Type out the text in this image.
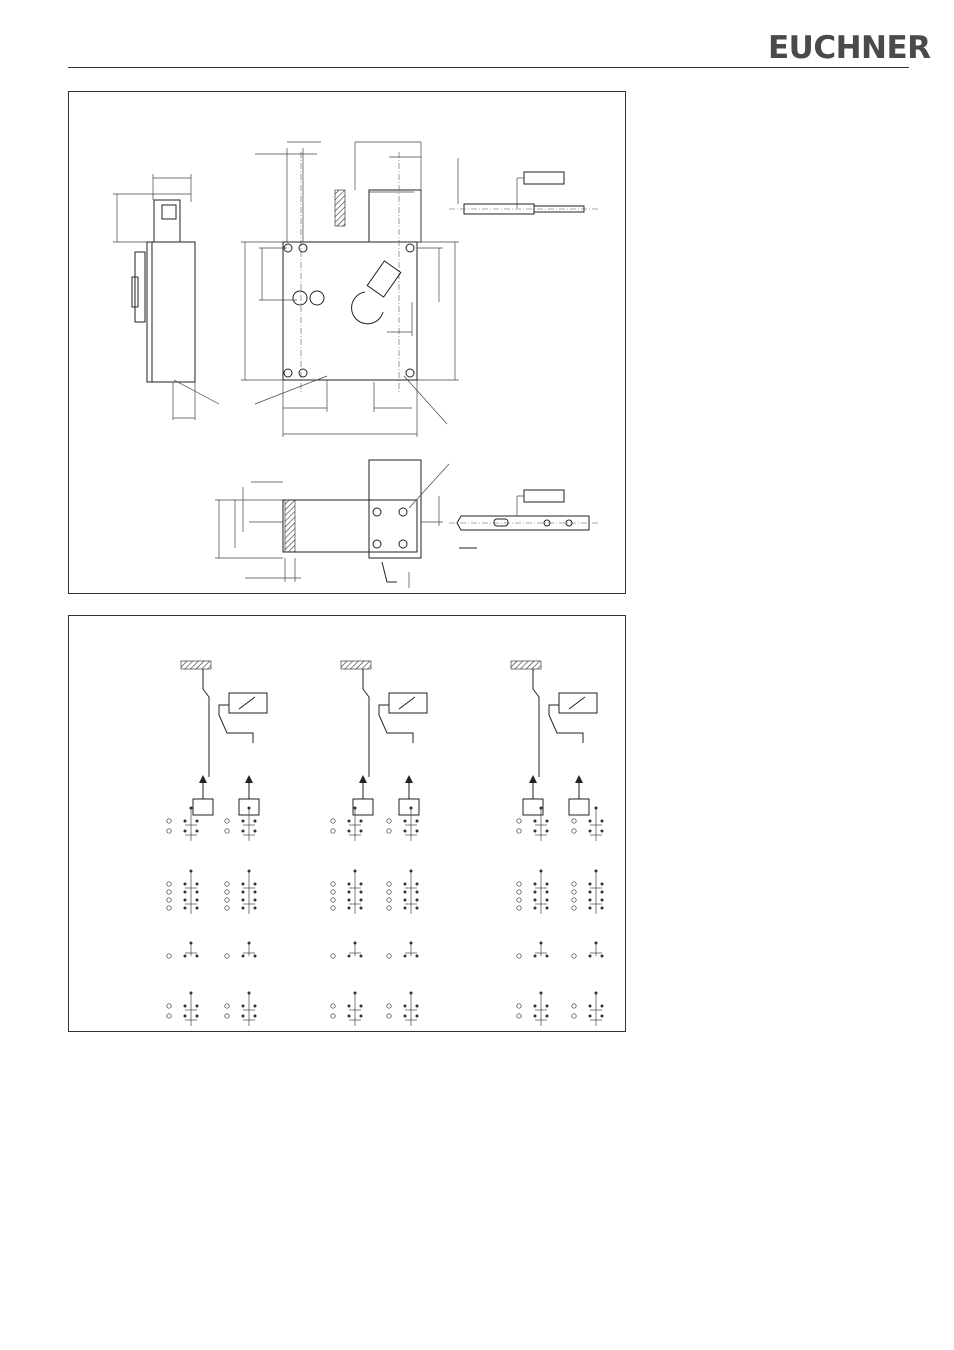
EUCHNER
